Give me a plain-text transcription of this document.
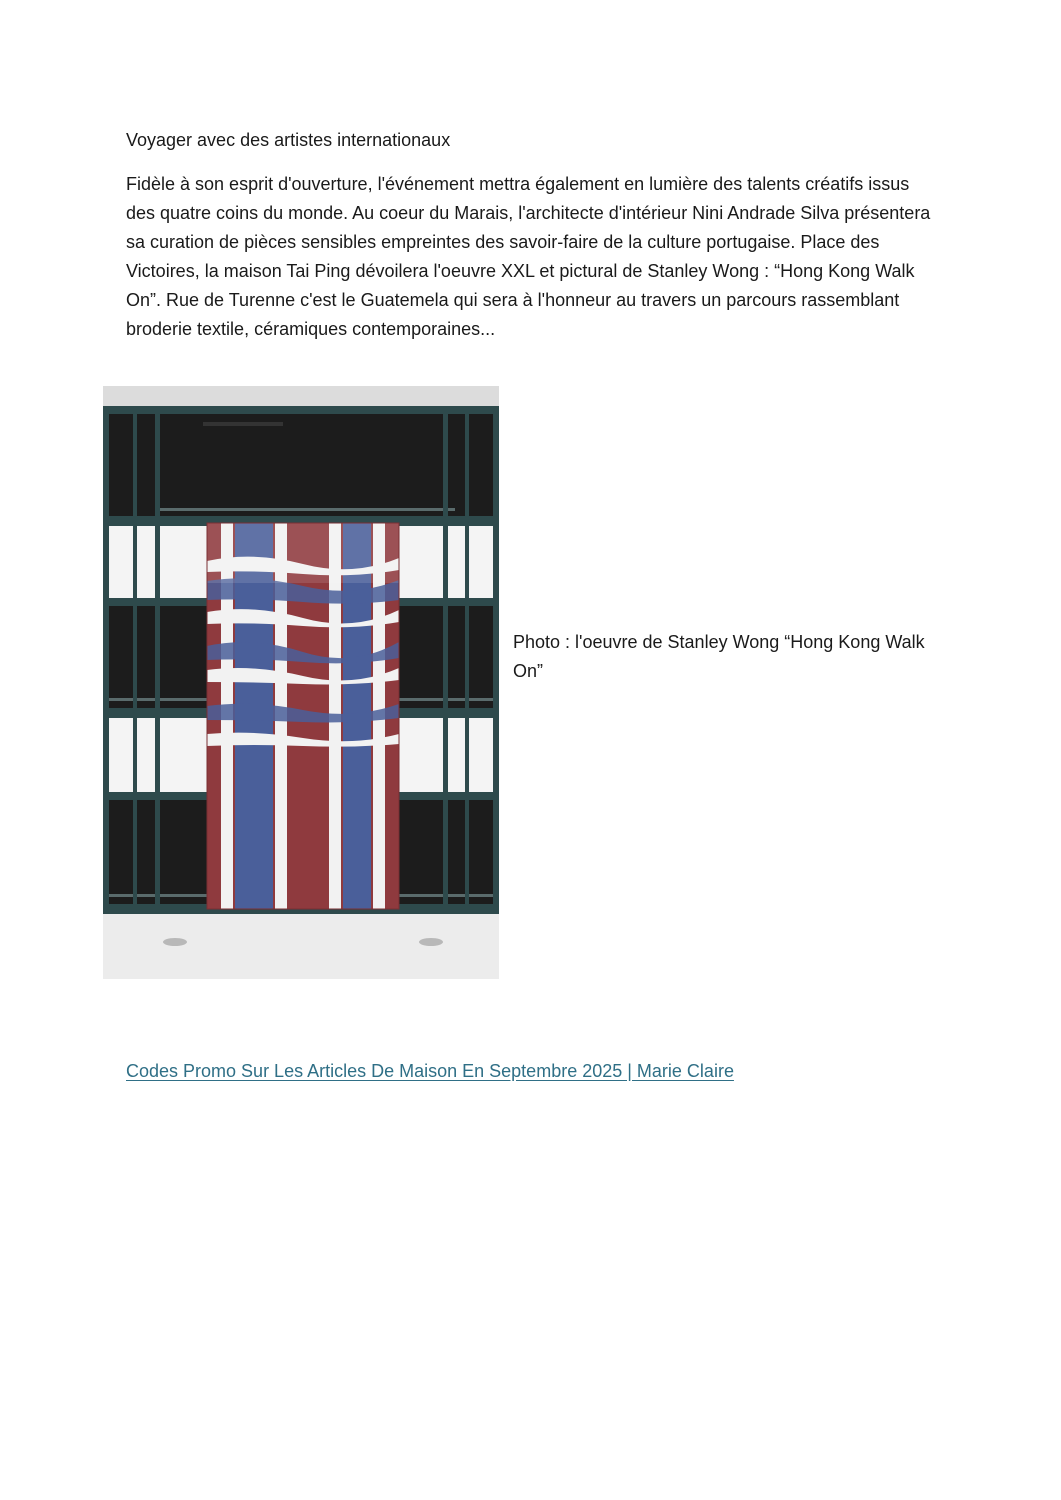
Voyager avec des artistes internationaux

Fidèle à son esprit d'ouverture, l'événement mettra également en lumière des talents créatifs issus des quatre coins du monde. Au coeur du Marais, l'architecte d'intérieur Nini Andrade Silva présentera sa curation de pièces sensibles empreintes des savoir-faire de la culture portugaise. Place des Victoires, la maison Tai Ping dévoilera l'oeuvre XXL et pictural de Stanley Wong : “Hong Kong Walk On”. Rue de Turenne c'est le Guatemela qui sera à l'honneur au travers un parcours rassemblant broderie textile, céramiques contemporaines...

Photo : l'oeuvre de Stanley Wong “Hong Kong Walk On”

Codes Promo Sur Les Articles De Maison En Septembre 2025 | Marie Claire
